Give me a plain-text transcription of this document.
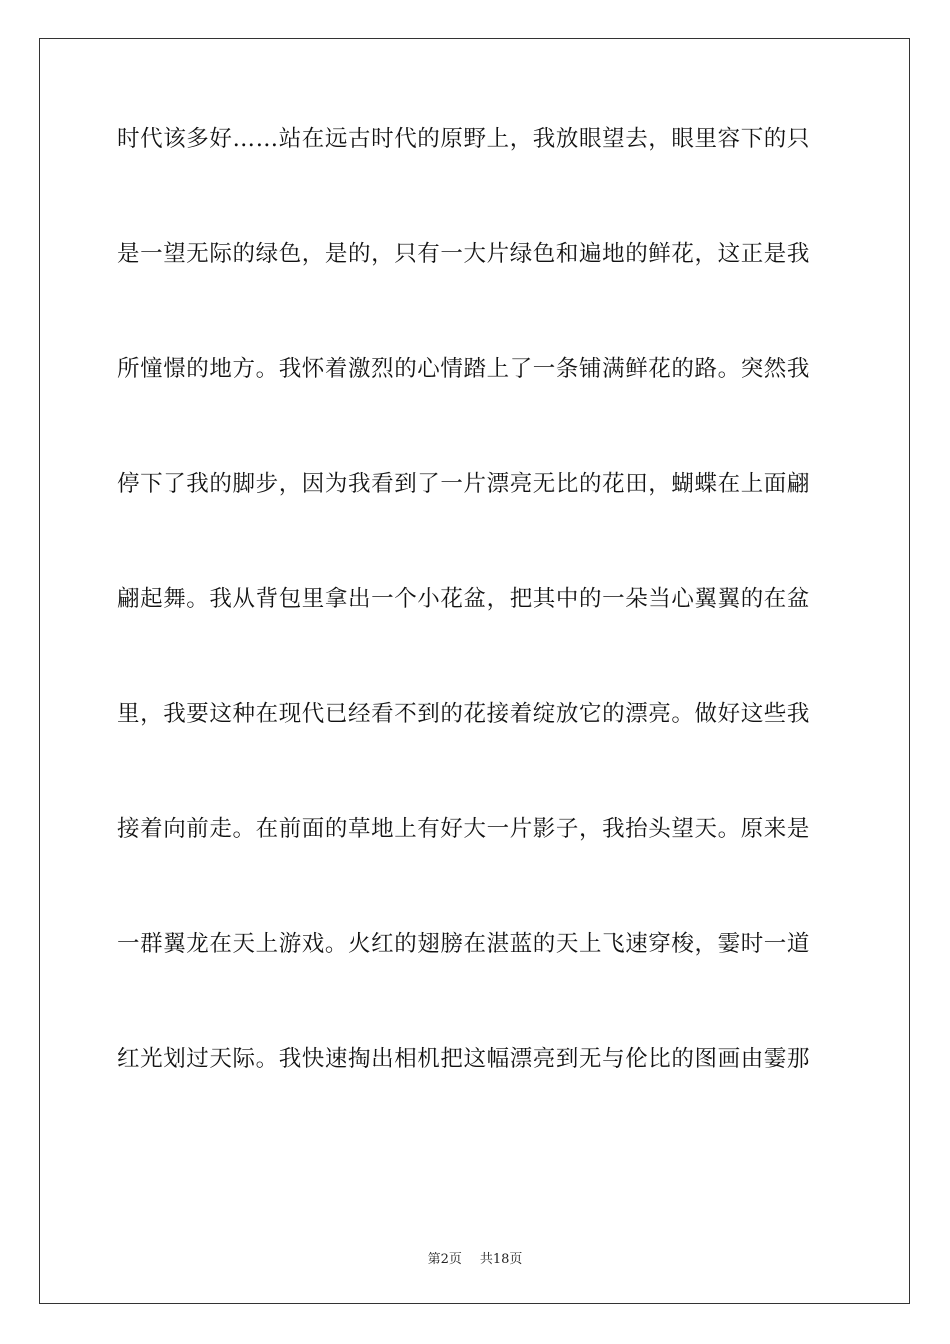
时代该多好……站在远古时代的原野上，我放眼望去，眼里容下的只
是一望无际的绿色，是的，只有一大片绿色和遍地的鲜花，这正是我
所憧憬的地方。我怀着激烈的心情踏上了一条铺满鲜花的路。突然我
停下了我的脚步，因为我看到了一片漂亮无比的花田，蝴蝶在上面翩
翩起舞。我从背包里拿出一个小花盆，把其中的一朵当心翼翼的在盆
里，我要这种在现代已经看不到的花接着绽放它的漂亮。做好这些我
接着向前走。在前面的草地上有好大一片影子，我抬头望天。原来是
一群翼龙在天上游戏。火红的翅膀在湛蓝的天上飞速穿梭，霎时一道
红光划过天际。我快速掏出相机把这幅漂亮到无与伦比的图画由霎那
第2页 共18页
